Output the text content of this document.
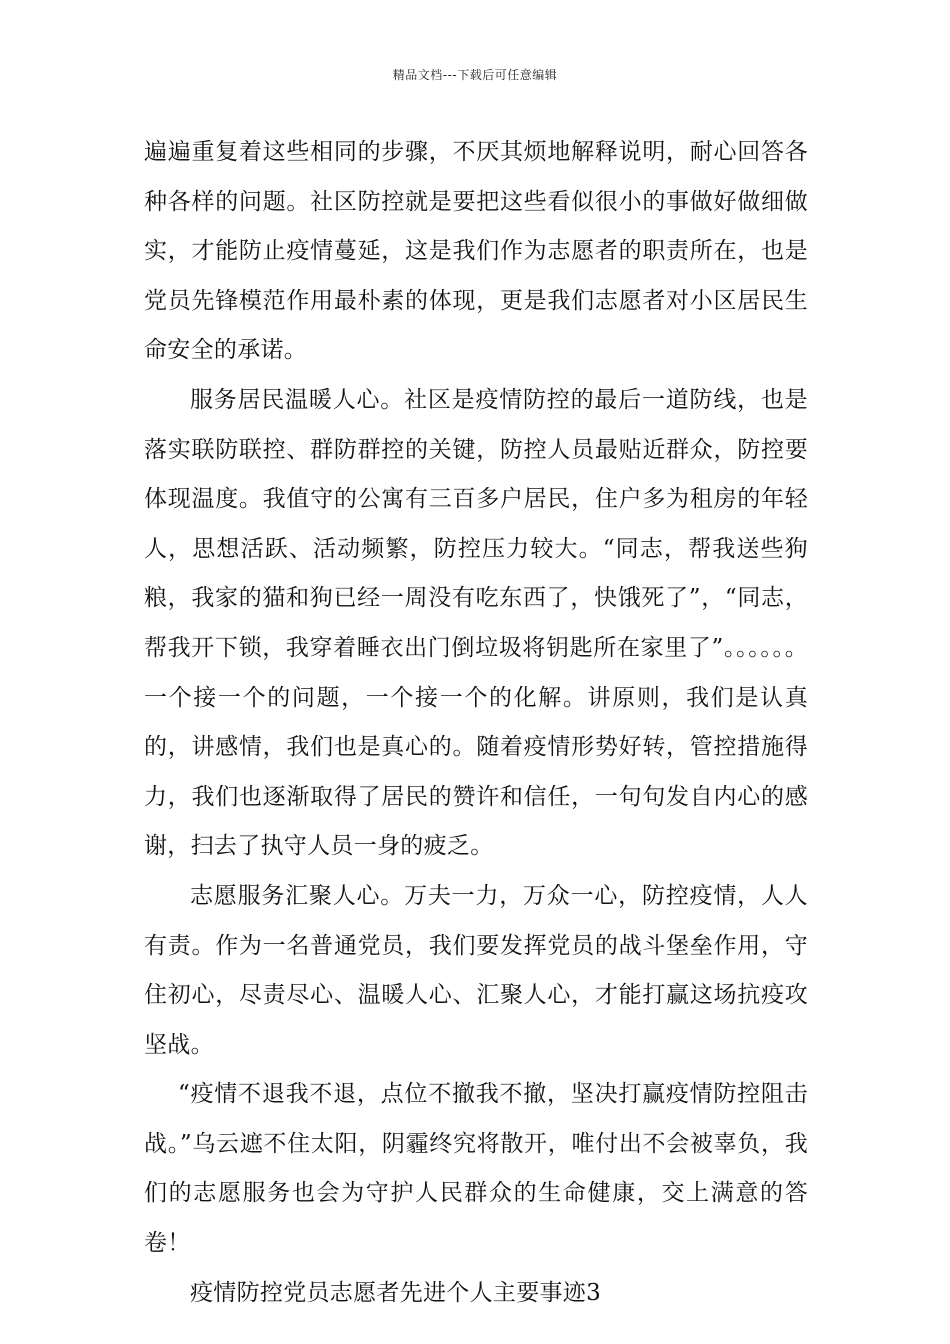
精品文档---下载后可任意编辑

遍遍重复着这些相同的步骤，不厌其烦地解释说明，耐心回答各种各样的问题。社区防控就是要把这些看似很小的事做好做细做实，才能防止疫情蔓延，这是我们作为志愿者的职责所在，也是党员先锋模范作用最朴素的体现，更是我们志愿者对小区居民生命安全的承诺。

服务居民温暖人心。社区是疫情防控的最后一道防线，也是落实联防联控、群防群控的关键，防控人员最贴近群众，防控要体现温度。我值守的公寓有三百多户居民，住户多为租房的年轻人，思想活跃、活动频繁，防控压力较大。“同志，帮我送些狗粮，我家的猫和狗已经一周没有吃东西了，快饿死了”，“同志，帮我开下锁，我穿着睡衣出门倒垃圾将钥匙所在家里了”。。。。。。一个接一个的问题，一个接一个的化解。讲原则，我们是认真的，讲感情，我们也是真心的。随着疫情形势好转，管控措施得力，我们也逐渐取得了居民的赞许和信任，一句句发自内心的感谢，扫去了执守人员一身的疲乏。

志愿服务汇聚人心。万夫一力，万众一心，防控疫情，人人有责。作为一名普通党员，我们要发挥党员的战斗堡垒作用，守住初心，尽责尽心、温暖人心、汇聚人心，才能打赢这场抗疫攻坚战。

“疫情不退我不退，点位不撤我不撤，坚决打赢疫情防控阻击战。”乌云遮不住太阳，阴霾终究将散开，唯付出不会被辜负，我们的志愿服务也会为守护人民群众的生命健康，交上满意的答卷！

疫情防控党员志愿者先进个人主要事迹3
